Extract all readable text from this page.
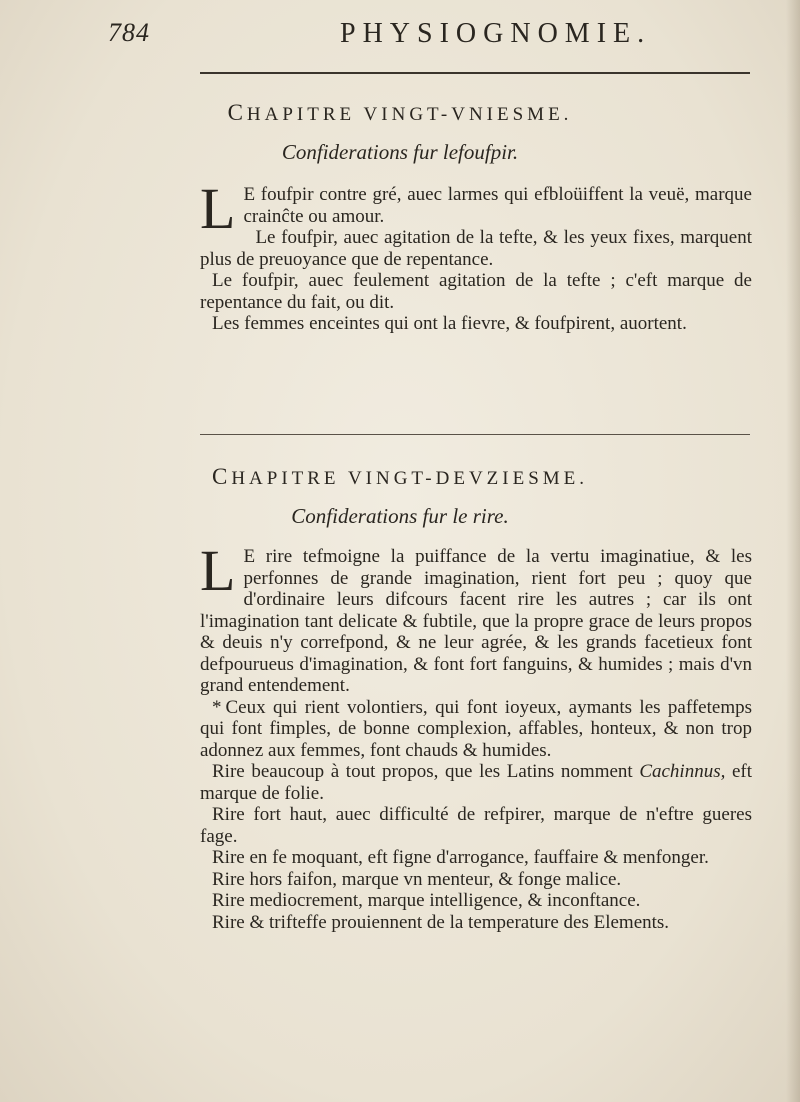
784	PHYSIOGNOMIE.
CHAPITRE VINGT-VNIESME.
Confiderations fur lefoufpir.

L E foufpir contre gré, auec larmes qui efbloüiffent la veuë, marque crainĉte ou amour.

Le foufpir, auec agitation de la tefte, & les yeux fixes, marquent plus de preuoyance que de repentance.

Le foufpir, auec feulement agitation de la tefte ; c'eft marque de repentance du fait, ou dit.

Les femmes enceintes qui ont la fievre, & foufpirent, auortent.

CHAPITRE VINGT-DEVZIESME.
Confiderations fur le rire.

L E rire tefmoigne la puiffance de la vertu imaginatiue, & les perfonnes de grande imagination, rient fort peu ; quoy que d'ordinaire leurs difcours facent rire les autres ; car ils ont l'imagination tant delicate & fubtile, que la propre grace de leurs propos & deuis n'y correfpond, & ne leur agrée, & les grands facetieux font defpourueus d'imagination, & font fort fanguins, & humides ; mais d'vn grand entendement.

* Ceux qui rient volontiers, qui font ioyeux, aymants les paffetemps qui font fimples, de bonne complexion, affables, honteux, & non trop adonnez aux femmes, font chauds & humides.

Rire beaucoup à tout propos, que les Latins nomment Cachinnus, eft marque de folie.

Rire fort haut, auec difficulté de refpirer, marque de n'eftre gueres fage.

Rire en fe moquant, eft figne d'arrogance, fauffaire & menfonger.

Rire hors faifon, marque vn menteur, & fonge malice.

Rire mediocrement, marque intelligence, & inconftance.

Rire & trifteffe prouiennent de la temperature des Elements.
